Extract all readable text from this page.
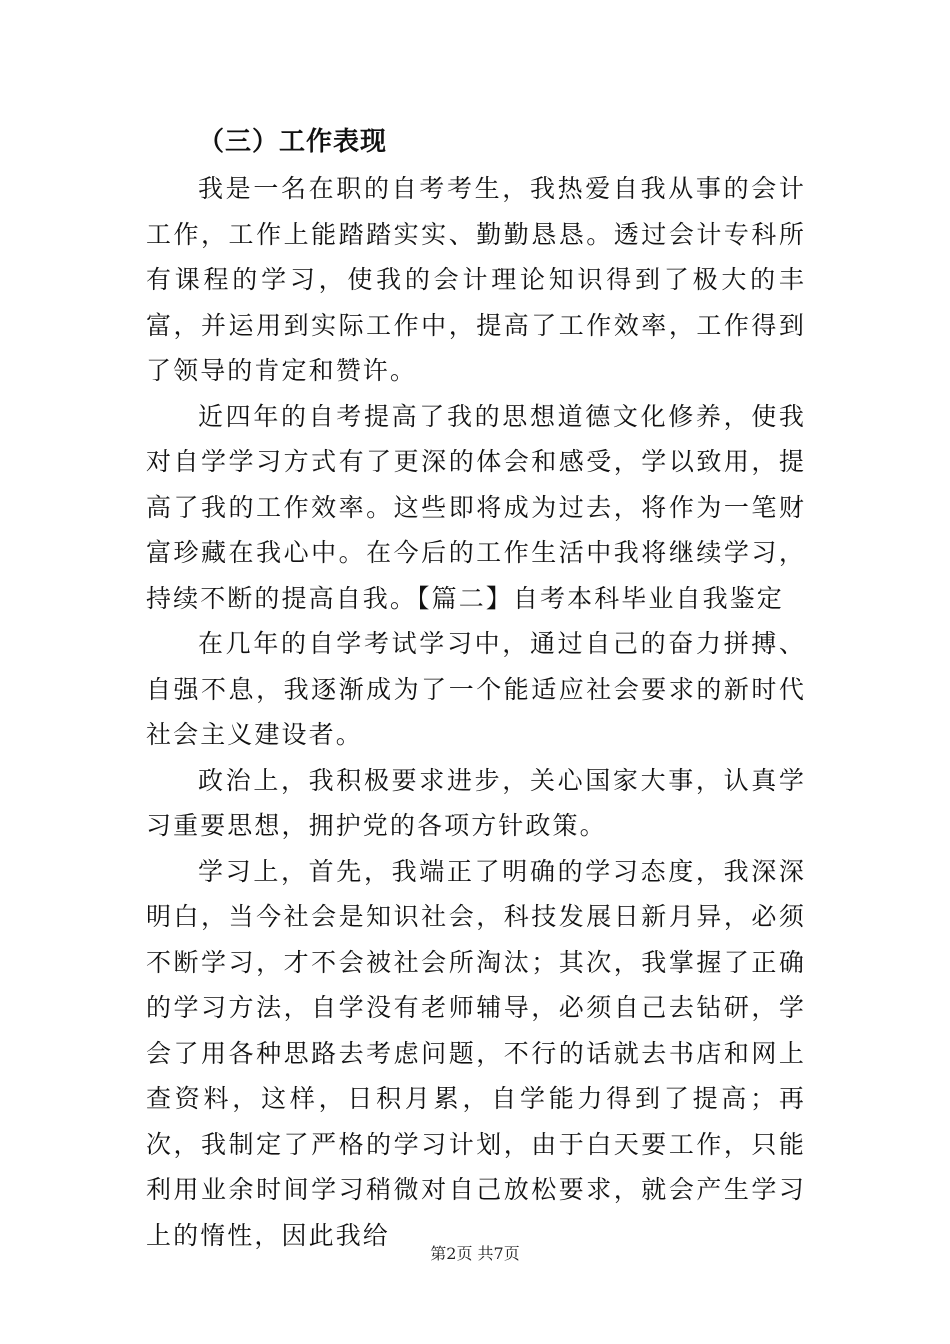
（三）工作表现

我是一名在职的自考考生，我热爱自我从事的会计工作，工作上能踏踏实实、勤勤恳恳。透过会计专科所有课程的学习，使我的会计理论知识得到了极大的丰富，并运用到实际工作中，提高了工作效率，工作得到了领导的肯定和赞许。

近四年的自考提高了我的思想道德文化修养，使我对自学学习方式有了更深的体会和感受，学以致用，提高了我的工作效率。这些即将成为过去，将作为一笔财富珍藏在我心中。在今后的工作生活中我将继续学习，持续不断的提高自我。【篇二】自考本科毕业自我鉴定

在几年的自学考试学习中，通过自己的奋力拼搏、自强不息，我逐渐成为了一个能适应社会要求的新时代社会主义建设者。

政治上，我积极要求进步，关心国家大事，认真学习重要思想，拥护党的各项方针政策。

学习上，首先，我端正了明确的学习态度，我深深明白，当今社会是知识社会，科技发展日新月异，必须不断学习，才不会被社会所淘汰；其次，我掌握了正确的学习方法，自学没有老师辅导，必须自己去钻研，学会了用各种思路去考虑问题，不行的话就去书店和网上查资料，这样，日积月累，自学能力得到了提高；再次，我制定了严格的学习计划，由于白天要工作，只能利用业余时间学习稍微对自己放松要求，就会产生学习上的惰性，因此我给

第2页 共7页
